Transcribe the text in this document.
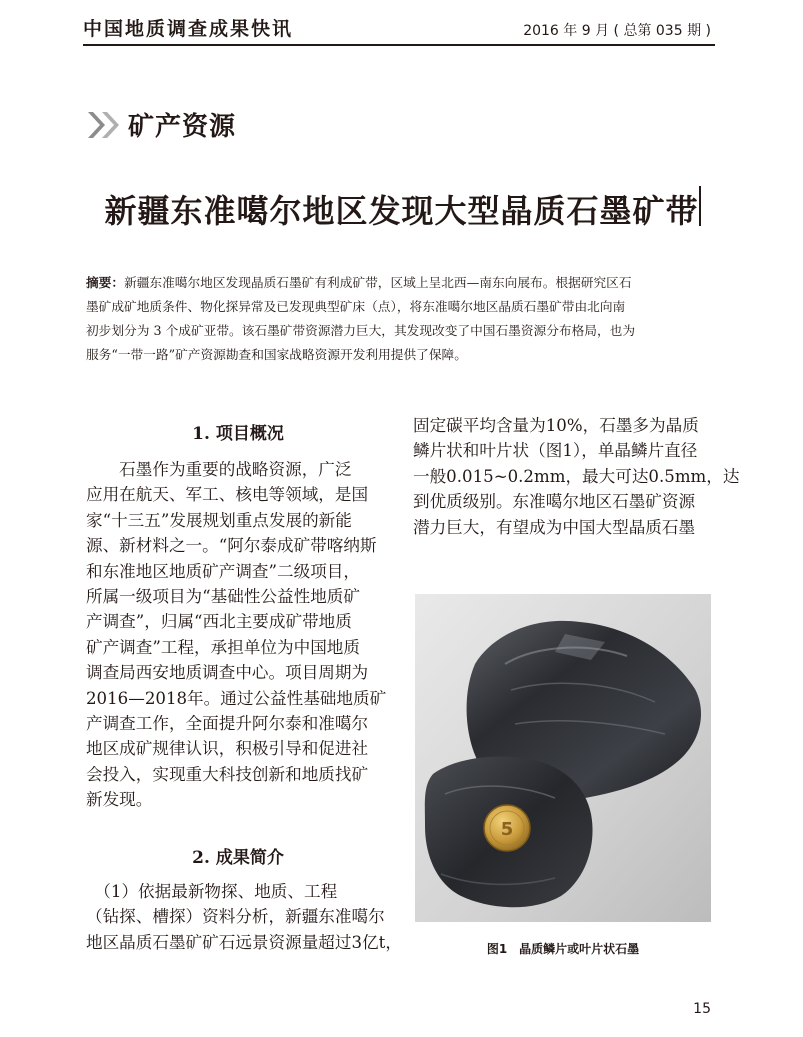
中国地质调查成果快讯	2016 年 9 月 ( 总第 035 期 )
矿产资源
新疆东准噶尔地区发现大型晶质石墨矿带
摘要：新疆东准噶尔地区发现晶质石墨矿有利成矿带，区域上呈北西—南东向展布。根据研究区石
墨矿成矿地质条件、物化探异常及已发现典型矿床（点），将东准噶尔地区晶质石墨矿带由北向南
初步划分为 3 个成矿亚带。该石墨矿带资源潜力巨大，其发现改变了中国石墨资源分布格局，也为
服务“一带一路”矿产资源勘查和国家战略资源开发利用提供了保障。
1. 项目概况
　　石墨作为重要的战略资源，广泛
应用在航天、军工、核电等领域，是国
家“十三五”发展规划重点发展的新能
源、新材料之一。“阿尔泰成矿带喀纳斯
和东准地区地质矿产调查”二级项目，
所属一级项目为“基础性公益性地质矿
产调查”，归属“西北主要成矿带地质
矿产调查”工程，承担单位为中国地质
调查局西安地质调查中心。项目周期为
2016—2018年。通过公益性基础地质矿
产调查工作，全面提升阿尔泰和准噶尔
地区成矿规律认识，积极引导和促进社
会投入，实现重大科技创新和地质找矿
新发现。
2. 成果简介
　（1）依据最新物探、地质、工程
（钻探、槽探）资料分析，新疆东准噶尔
地区晶质石墨矿矿石远景资源量超过3亿t，
固定碳平均含量为10%，石墨多为晶质
鳞片状和叶片状（图1），单晶鳞片直径
一般0.015~0.2mm，最大可达0.5mm，达
到优质级别。东准噶尔地区石墨矿资源
潜力巨大，有望成为中国大型晶质石墨
5
图1　晶质鳞片或叶片状石墨
15
